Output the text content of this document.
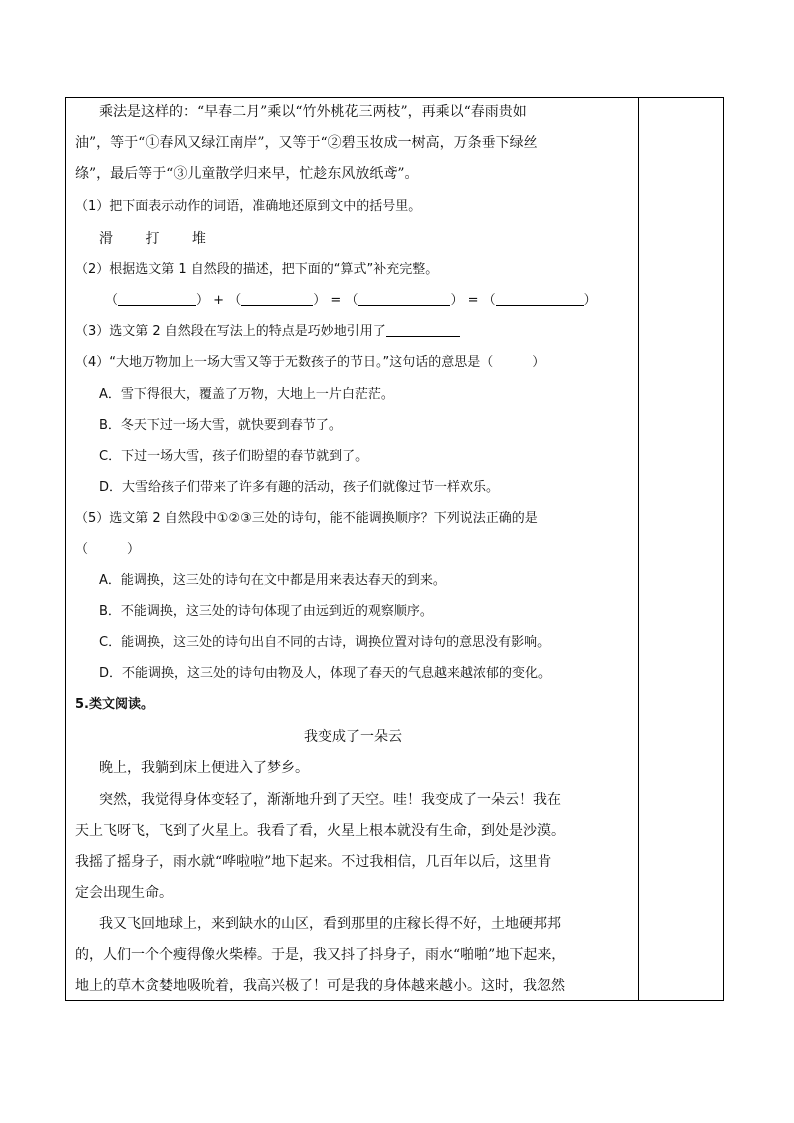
乘法是这样的：“早春二月”乘以“竹外桃花三两枝”，再乘以“春雨贵如
油”，等于“①春风又绿江南岸”，又等于“②碧玉妆成一树高，万条垂下绿丝
绦”，最后等于“③儿童散学归来早，忙趁东风放纸鸢”。
（1）把下面表示动作的词语，准确地还原到文中的括号里。
滑 打 堆
（2）根据选文第 1 自然段的描述，把下面的“算式”补充完整。
（	） + （	） = （	） = （	）
（3）选文第 2 自然段在写法上的特点是巧妙地引用了
（4）“大地万物加上一场大雪又等于无数孩子的节日。”这句话的意思是（　　　）
A．雪下得很大，覆盖了万物，大地上一片白茫茫。
B．冬天下过一场大雪，就快要到春节了。
C．下过一场大雪，孩子们盼望的春节就到了。
D．大雪给孩子们带来了许多有趣的活动，孩子们就像过节一样欢乐。
（5）选文第 2 自然段中①②③三处的诗句，能不能调换顺序？下列说法正确的是
（　　　）
A．能调换，这三处的诗句在文中都是用来表达春天的到来。
B．不能调换，这三处的诗句体现了由远到近的观察顺序。
C．能调换，这三处的诗句出自不同的古诗，调换位置对诗句的意思没有影响。
D．不能调换，这三处的诗句由物及人，体现了春天的气息越来越浓郁的变化。
5.类文阅读。
我变成了一朵云
晚上，我躺到床上便进入了梦乡。
突然，我觉得身体变轻了，渐渐地升到了天空。哇！我变成了一朵云！我在
天上飞呀飞，飞到了火星上。我看了看，火星上根本就没有生命，到处是沙漠。
我摇了摇身子，雨水就“哗啦啦”地下起来。不过我相信，几百年以后，这里肯
定会出现生命。
我又飞回地球上，来到缺水的山区，看到那里的庄稼长得不好，土地硬邦邦
的，人们一个个瘦得像火柴棒。于是，我又抖了抖身子，雨水“啪啪”地下起来，
地上的草木贪婪地吸吮着，我高兴极了！可是我的身体越来越小。这时，我忽然
